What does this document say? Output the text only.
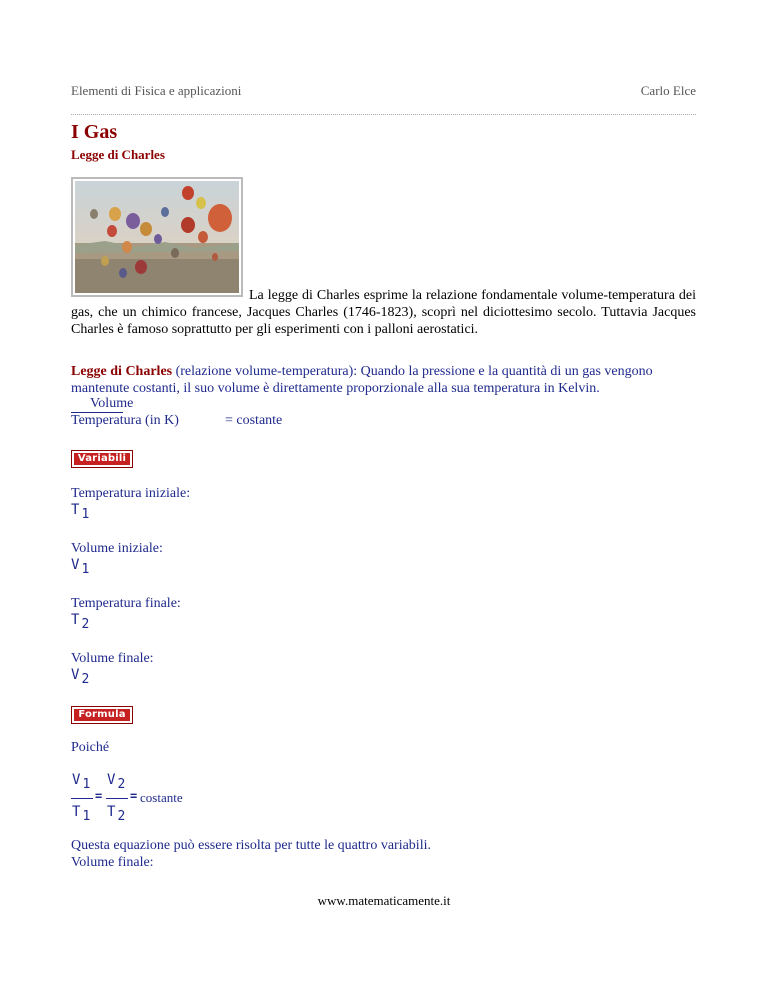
Elementi di Fisica e applicazioni	Carlo Elce
I Gas
Legge di Charles
La legge di Charles esprime la relazione fondamentale volume-temperatura dei gas, che un chimico francese, Jacques Charles (1746-1823), scoprì nel diciottesimo secolo. Tuttavia Jacques Charles è famoso soprattutto per gli esperimenti con i palloni aerostatici.
Legge di Charles (relazione volume-temperatura): Quando la pressione e la quantità di un gas vengono mantenute costanti, il suo volume è direttamente proporzionale alla sua temperatura in Kelvin.
Volume
Temperatura (in K)	= costante
Variabili
Temperatura iniziale:
T $_1$
Volume iniziale:
V $_1$
Temperatura finale:
T $_2$
Volume finale:
V $_2$
Formula
Poiché
V $_1$
T $_1$
=
V $_2$
T $_2$
= costante
Questa equazione può essere risolta per tutte le quattro variabili.
Volume finale:
www.matematicamente.it
